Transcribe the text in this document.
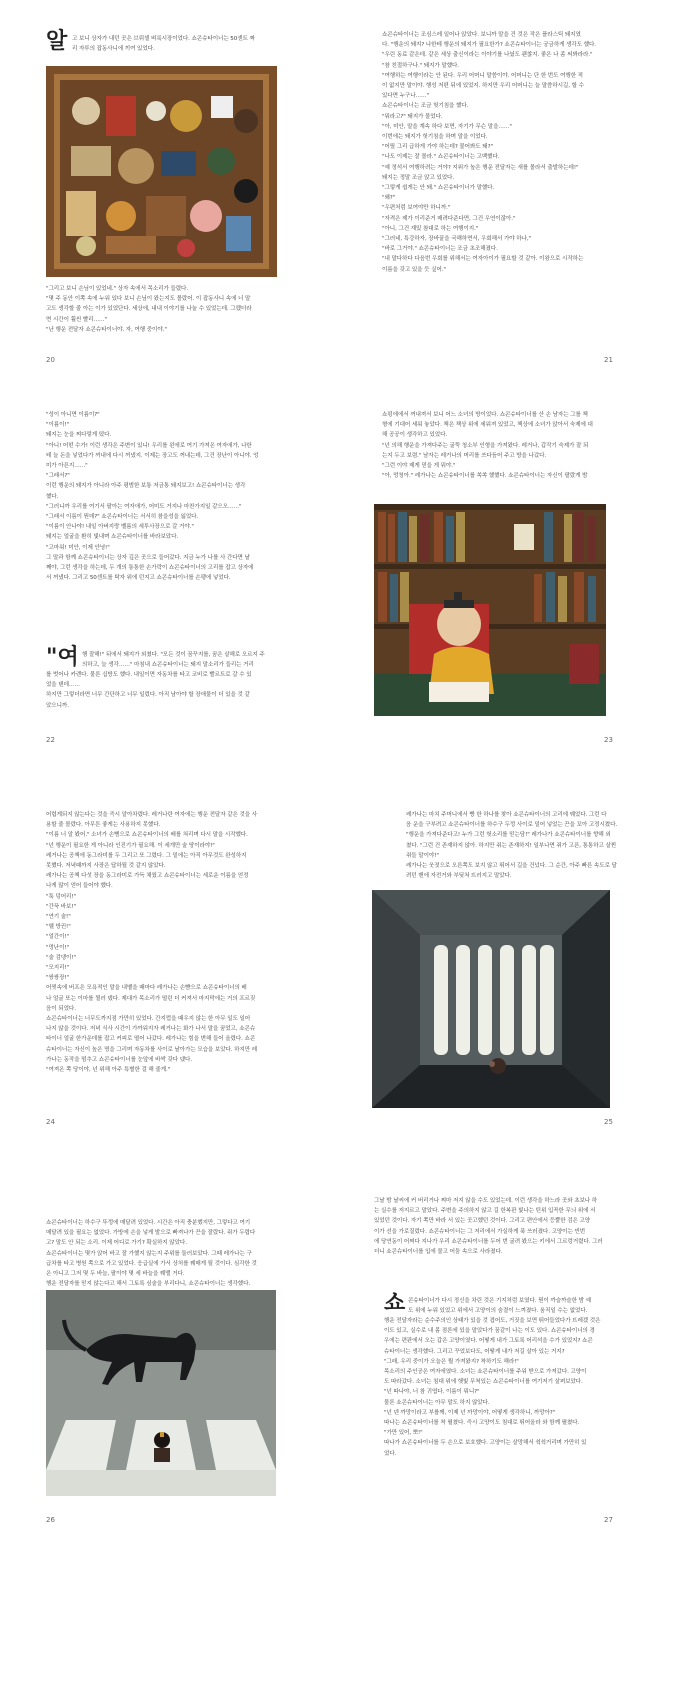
알 고 보니 상자가 내던 곳은 브뤼셀 벼룩시장이었다. 쇼콘슈타이너는 50센트 짜

리 자루의 잡동사니에 끼여 있었다.

"그리고 보니 손님이 있었네." 상자 속에서 목소리가 들렸다.

"몇 주 동안 이쪽 속에 누워 있다 보니 손님이 왔는지도 몰랐어. 이 잡동사니 속에 너 말

고도 생각할 줄 아는 이가 있었단다. 세상에, 내내 이야기를 나눌 수 있었는데. 그랬더라

면 시간이 훨씬 빨리……"

"난 행운 전달자 쇼콘슈타이너야. 자, 여행 중이야."

20

쇼콘슈타이너는 조심스레 일어나 앉았다. 보니까 말을 건 것은 작은 플라스틱 돼지였

다. "행운의 돼지? 나한테 행운의 돼지가 필요한가? 쇼콘슈타이너는 궁금하게 생각도 했다.

"우린 동료 같은데. 같은 세상 출신이라는 이야기를 나눴도 괜찮지. 좋은 나 좀 써봐라라."

"참 친절하구나." 돼지가 말했다.

"여행하는 여행이라는 안 된다. 우리 어머니 말씀이야. 어머니는 단 한 번도 여행한 적

이 없지만 말이야. 행성 저편 뒤에 있었지. 하지만 우리 어머니는 늘 말씀하시길, 할 수

있다면 누구나……"

쇼콘슈타이너는 조금 헛기침을 했다.

"뭐라고?" 돼지가 물었다.

"아, 미안, 말을 계속 하다 보면, 자기가 무슨 말을……"

이번에는 돼지가 헛기침을 하며 말을 이었다.

"어릴 그리 급하게 가야 하는데? 물어봐도 돼?"

"나도 이제는 잘 몰라." 쇼콘슈타이너는 고백했다.

"예 정석서 여행하려는 거야? 지위가 높은 행운 전달자는 새를 몰라서 출발하는데!"

돼지는 정말 조금 앉고 있었다.

"그렇게 쉽게는 안 돼." 쇼콘슈타이너가 말했다.

"왜?"

"우편처럼 보여야만 하니까."

"자격은 제가 이리준거 매려다준다면, 그건 우연이잖아."

"아니, 그건 재밌 참대로 하는 여행이지."

"그러네, 특강하자, 장바꿀을 국해하면서, 우회해서 가야 하나,"

"바로 그거야." 쇼콘슈타이너는 조금 초조해졌다.

"내 말다하다 다음번 우회를 위해서는 여자아이가 필요할 것 같아. 이왕으로 시작하는

이름을 갖고 있을 듯 싶어."

21

"성이 아니면 이름이?"

"이름이!"

돼지는 눈을 찌다렇게 떴다.

"아니! 어떤 수가! 이런 생각은 주변이 있니! 우리를 왼에로 여기 가져온 여자애가, 나한

테 늘 돈을 넣었다가 꺼내에 다시 꺼냈지. 이제는 장고도 꺼내는데, 그건 장난이 아니야. 엉

미가 아픈지……"

"그래서?"

이런 행운의 돼지가 아니라 아주 평범한 보통 저금통 돼지보고! 쇼콘슈타이너는 생각

했다.

"그러니까 우리를 여기서 팔아는 여자애가, 어미도 거지나 마찬가지일 같으오……"

"그래서 이름이 뭔데?" 쇼콘슈타이너는 서서히 참을성을 잃었다.

"이름이 안나야! 내일 아버지랑 벨름의 세투사장으로 갈 거야."

돼지는 얼굴을 환히 빛내며 쇼콘슈타이너를 바라보았다.

"고마워! 미안, 이제 안녕!"

그 말과 함께 쇼콘슈타이너는 상자 깊은 곳으로 들어갔다. 지금 누가 나를 사 간다면 날

째야, 그런 생각을 하는데, 두 개의 통통한 손가락이 쇼콘슈타이너의 고리를 잡고 상자에

서 꺼냈다. 그리고 50센트를 탁자 위에 던지고 쇼콘슈타이너를 손팽에 넣었다.

"여 행 잘해!" 뒤에서 돼지가 외쳤다. "모든 것이 꿈꾸지를, 꿈은 살해로 오르지 주

의하고, 늘 생각……" 마침내 쇼콘슈타이너는 돼지 말소리가 들리는 거리

를 벗어나 카렌다. 물론 십방도 했다. 내일이면 자동차를 타고 코비로 빨르트로 갈 수 있

었을 텐데……

하지만 그렇더라면 너무 간단하고 너무 일렀다. 아직 남아야 할 장애물이 더 있을 것 같

았으니까.

22

쇼펑에에서 꺼내져서 보니 어느 소녀의 방이었다. 쇼콘슈타이너를 산 손 남자는 그를 책

형에 기대어 세워 놓았다. 책은 책상 위에 세워져 있었고, 책상에 소녀가 앉아서 숙제에 대

해 공공이 생각하고 있었다.

"넌 의해 행운을 가져다주는 굴뚝 청소부 인형을 가져왔다. 레거나, 갑작기 숙제가 잘 되

는지 두고 보렴." 남자는 레거나의 머리를 쓰다듬어 주고 방을 나갔다.

"그런 이야 제게 믿을 게 뭐야."

"아, 멍청아." 레가나는 쇼콘슈타이너를 쏙쏙 했했다. 쇼콘슈타이너는 자신이 팔랐게 밤

23

어렵게되지 않는다는 것을 즉시 알아차렸다. 레거나란 여자에는 행운 전달자 같은 것을 사

용할 줄 몰랐다. 아무튼 좋게는 사용하지 못했다.

"이름 너 알 봤어." 소녀가 손뼘으로 쇼콘슈타이너의 배를 쳐리며 다시 말을 시작했다.

"넌 행운이 필요한 게 아니라 인진기가 필요해. 이 세개만 술 땅이라야!"

레거나는 공책에 동그라미를 두 그리고 또 그렸다. 그 밑에는 아직 아무것도 완성하지

못했다. 저녁때까지 사장은 답하될 것 같지 않았다.

레가나는 공책 다섯 장을 동그라미로 가득 채웠고 쇼콘슈타이너는 세로운 이름을 얻정

나게 많이 얻어 들어야 했다.

"툭 덩어리!"

"간꾹 바보!"

"연기 술!"

"헬 방귄!"

"얼간이!"

"멍난이!"

"술 검댕이!"

"모지리!"

"쌍쌍장!"

어찟속에 버프은 모욕적인 말을 내뱉을 때마다 레가나는 손뺨으로 쇼콘슈타이너의 배

나 얼굴 또는 이마를 찔러 댔다. 제대가 목소리가 떨린 더 커져서 마지막에는 거의 프르짖

음이 되었다.

쇼콘슈타이너는 너무도까지점 가만히 있었다. 간지럽을 때우지 않는 한 아무 일도 일어

나지 않을 것이다. 저녁 식사 시간이 가까워지자 레거나는 화가 나서 말을 꿈었고, 쇼콘슈

타이너 얼굴 한가운데를 잡고 커피로 떨어 나갔다. 레가나는 힘을 변해 들어 올렸다. 쇼콘

슈타이너는 자신이 높은 명을 그리며 자동차를 사이로 날아가는 모습을 보았다. 하지만 레

가나는 동작을 멈추고 쇼콘슈타이너를 눈앞에 바싹 갖다 댔다.

"여져온 쪽 당이야, 넌 위해 아주 특별한 걸 해 줄게."

24

레가나는 마치 주머니에서 빵 한 하나를 찾아 쇼콘슈타이너의 고리에 꿰었다. 그런 다

음 운을 구부려고 쇼콘슈타이너를 하수구 두껑 사이로 밀어 넣었는 끈을 꼬아 고정시켰다.

"행운을 가져다준다고! 누가 그런 헛소리를 믿는담!" 레가나가 쇼콘슈타이너를 향해 외

쳤다. "그런 건 존재하지 않아. 하지만 쥐는 존재하지! 일부나면 쥐가 고픈, 통통하고 살찐

쥐들 말이야!"

레가나는 웃젓으로 오른쪽도 보지 않고 뛰어서 길을 건넜다. 그 순간, 아주 빠른 속도로 달

려던 밴에 자전거와 부딪쳐 뜨러지고 말았다.

25

쇼콘슈타이너는 하수구 뚜껑에 매달려 있었다. 시간은 아직 충분했지만, 그렇다고 여기

매달려 있을 필요는 없었다. 가방에 손을 넣게 발으로 빠져나가 끈을 잘랐다. 쥐가 두렵다

고? 말도 안 되는 소리. 이제 어디로 가기? 확실하지 않았다.

쇼콘슈타이너는 몇가 앉어 바고 잘 가했지 않는지 주위를 둘러보았다. 그때 레가나는 구

급차를 타고 병원 쪽으로 가고 있었다. 응급실에 가서 상처를 꿰매게 될 것이다. 심각한 것

은 아니고 그저 몇 두 바늘, 팔이야 몇 세 바늘을 꿰맬 거다.

행운 전달자를 믿지 않는다고 해서 그토록 심술을 부리다니, 쇼콘슈타이너는 생각했다.

26

그날 밤 날씨에 커 버리거나 찌마 저지 않을 수도 있었는데. 이런 생각을 하느라 곳와 초보나 하

는 실수를 저지르고 말았다. 주변을 주의하지 않고 길 한복판 빛나는 틴위 입꼭한 무늬 위에 서

있었던 것이다. 자기 쪽만 바라 서 있는 곳고했던 것이다. 그리고 편안에서 등뿔한 검은 고양

이가 선을 가로질렀다. 쇼콘슈타이너는 그 저리에서 가실하게 푹 쓰러졌다. 고양이는 빈번

에 당연동이 어쩌다 지나가 우리 쇼콘슈타이너를 두어 번 굴려 봤으는 키에서 그르렁거렸다. 그러

더니 쇼콘슈타이너를 입에 물고 어둠 속으로 사라졌다.

쇼 콘슈타이너가 다시 정신을 차린 것은 기지처럼 보였다. 뭔이 까슬까슬한 밤 예

도 위에 누워 있었고 위에서 고양이의 숨결이 느껴졌다. 움직일 수는 없었다.

행운 전달자라는 순수주의인 상태가 있을 것 겹어도, 거짓을 보면 뛰어들었다가 뜨레겠 것은

이도 있고, 실수로 내 몸 점론에 있을 말았다가 꿈같이 나는 이도 있다. 쇼콘슈타이너의 경

우에는 편판에서 오는 갑은 고양이였다. 어떻게 내가 그토록 어리석을 수가 있었지? 쇼콘

슈타이너는 생각했다. 그리고 꾸었보다도, 어떻게 내가 저길 살아 있는 거지?

"그래, 우리 중이가 오늘은 뭘 가져왔지? 착하기도 해라!"

목소리의 주인공은 여자에였다. 소녀는 쇼콘슈타이너를 주워 받으로 가져갔다. 고양이

도 따라갔다. 소녀는 침대 위에 햇빛 무척있는 쇼콘슈타이너를 여기저기 살펴보았다.

"넌 따나야, 너 참 귀엽다. 이름이 뭐니?"

물론 쇼콘슈타이너는 아무 말도 하지 않았다.

"넌 넨 까망이라고 부를께, 이제 넌 까망이야, 어떻게 생각하니, 까망아?"

따나는 쇼콘슈타이너를 착 펼쳤다. 즉시 고양이도 침대로 뛰어올라 와 함께 펼쳤다.

"가만 있어, 뽀!"

따나가 쇼콘슈타이너를 두 손으로 보호했다. 고양이는 살망해서 쉭쉭거리며 가만히 있

었다.

27
